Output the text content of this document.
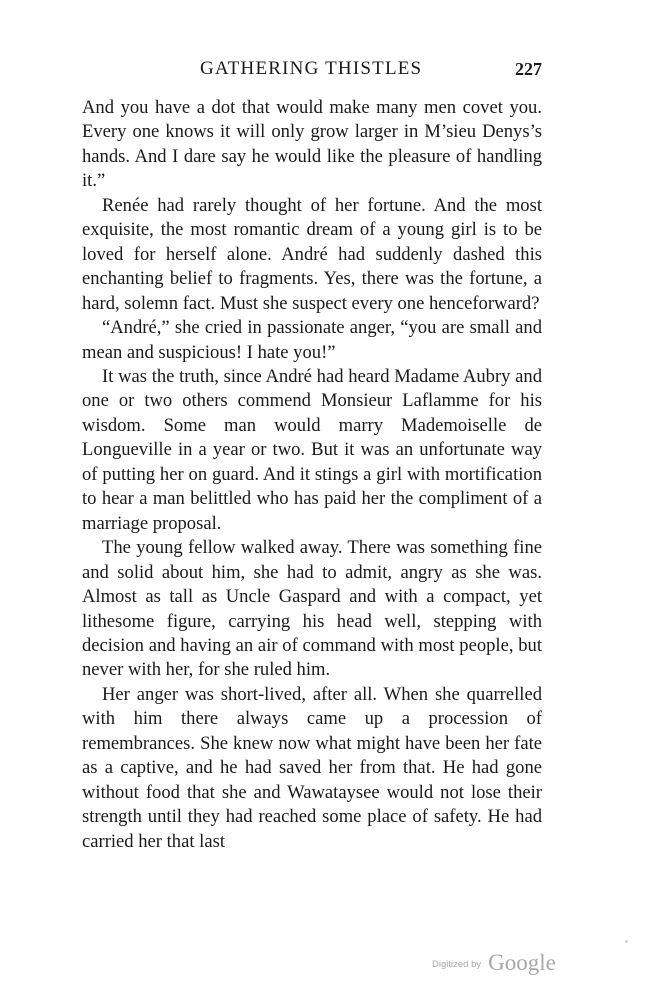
GATHERING THISTLES	227

And you have a dot that would make many men covet you. Every one knows it will only grow larger in M’sieu Denys’s hands. And I dare say he would like the pleasure of handling it.”

Renée had rarely thought of her fortune. And the most exquisite, the most romantic dream of a young girl is to be loved for herself alone. André had suddenly dashed this enchanting belief to fragments. Yes, there was the fortune, a hard, solemn fact. Must she suspect every one henceforward?

“André,” she cried in passionate anger, “you are small and mean and suspicious! I hate you!”

It was the truth, since André had heard Madame Aubry and one or two others commend Monsieur Laflamme for his wisdom. Some man would marry Mademoiselle de Longueville in a year or two. But it was an unfortunate way of putting her on guard. And it stings a girl with mortification to hear a man belittled who has paid her the compliment of a marriage proposal.

The young fellow walked away. There was something fine and solid about him, she had to admit, angry as she was. Almost as tall as Uncle Gaspard and with a compact, yet lithesome figure, carrying his head well, stepping with decision and having an air of command with most people, but never with her, for she ruled him.

Her anger was short-lived, after all. When she quarrelled with him there always came up a procession of remembrances. She knew now what might have been her fate as a captive, and he had saved her from that. He had gone without food that she and Wawataysee would not lose their strength until they had reached some place of safety. He had carried her that last

Digitized by Google
